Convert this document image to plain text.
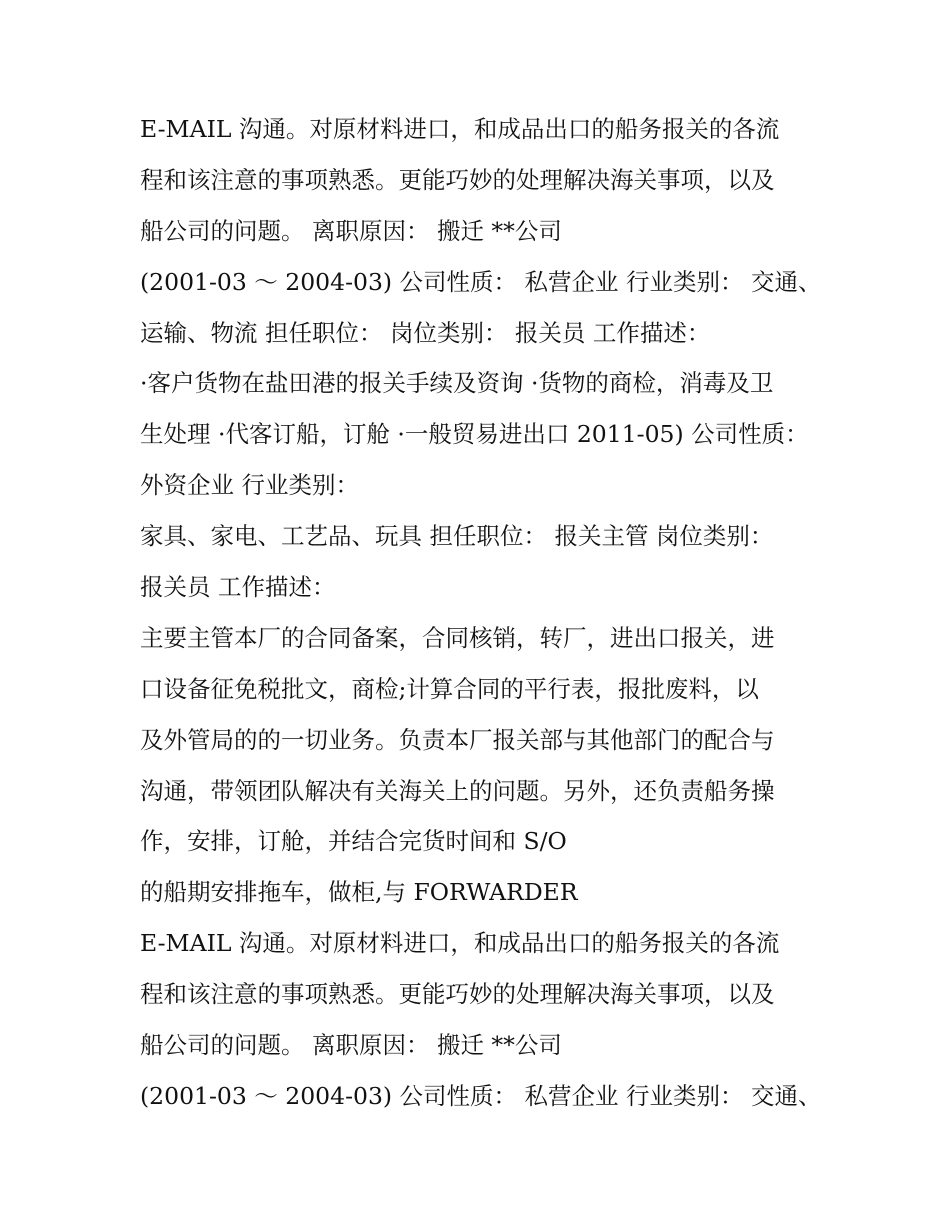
E-MAIL 沟通。对原材料进口，和成品出口的船务报关的各流
程和该注意的事项熟悉。更能巧妙的处理解决海关事项，以及
船公司的问题。 离职原因： 搬迁 **公司
(2001-03 ～ 2004-03) 公司性质： 私营企业 行业类别： 交通、
运输、物流 担任职位： 岗位类别： 报关员 工作描述：
·客户货物在盐田港的报关手续及资询 ·货物的商检，消毒及卫
生处理 ·代客订船，订舱 ·一般贸易进出口 2011-05) 公司性质：
外资企业 行业类别：
家具、家电、工艺品、玩具 担任职位： 报关主管 岗位类别：
报关员 工作描述：
主要主管本厂的合同备案，合同核销，转厂，进出口报关，进
口设备征免税批文，商检;计算合同的平行表，报批废料，以
及外管局的的一切业务。负责本厂报关部与其他部门的配合与
沟通，带领团队解决有关海关上的问题。另外，还负责船务操
作，安排，订舱，并结合完货时间和 S/O
的船期安排拖车，做柜,与 FORWARDER
E-MAIL 沟通。对原材料进口，和成品出口的船务报关的各流
程和该注意的事项熟悉。更能巧妙的处理解决海关事项，以及
船公司的问题。 离职原因： 搬迁 **公司
(2001-03 ～ 2004-03) 公司性质： 私营企业 行业类别： 交通、
